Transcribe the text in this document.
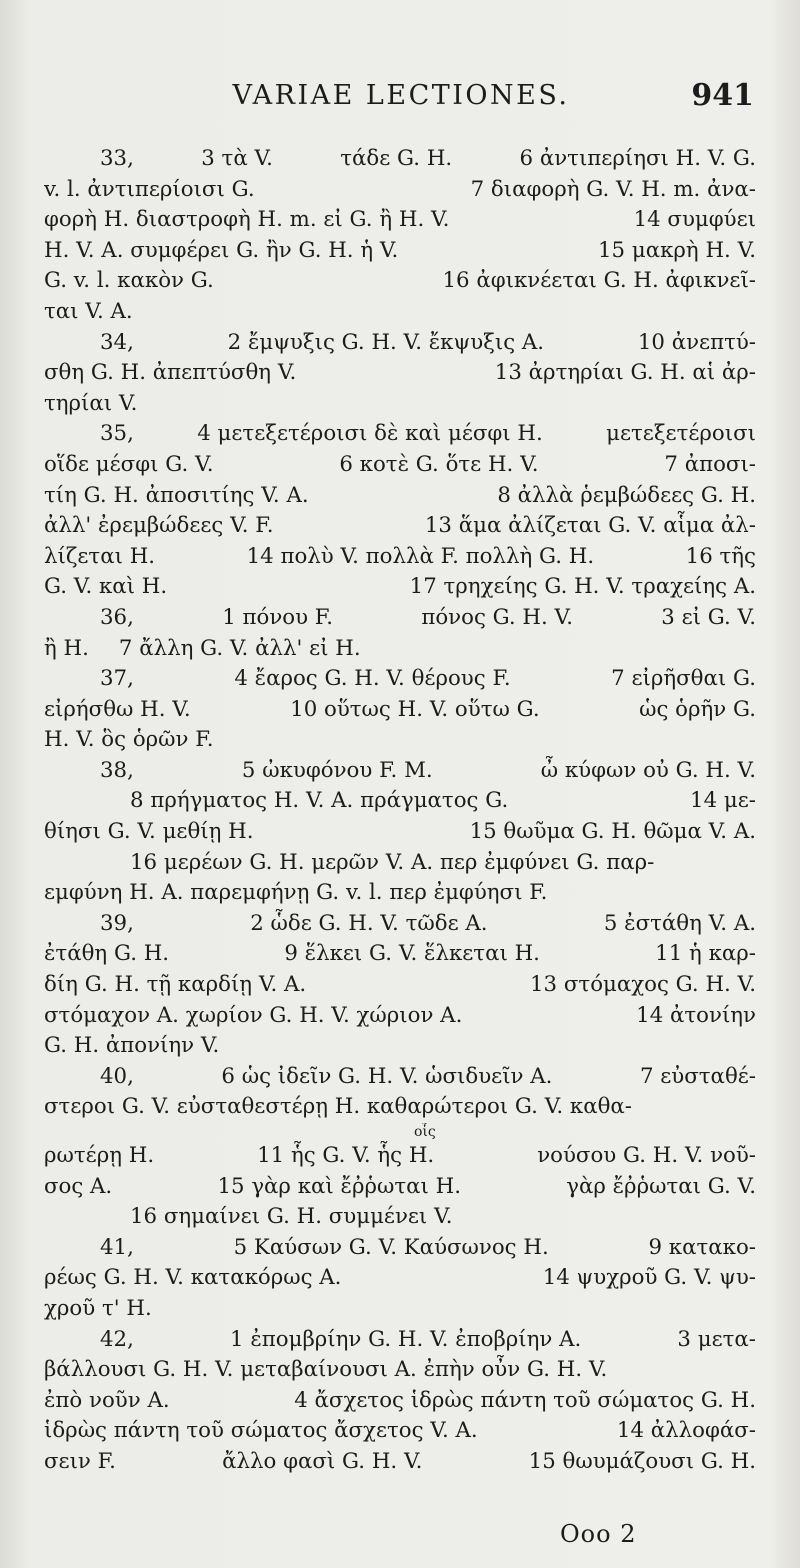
VARIAE LECTIONES.	941
33,	3 τὰ V.	τάδε G. H.	6 ἀντιπερίησι H. V. G.
v. l. ἀντιπερίοισι G.	7 διαφορὴ G. V. H. m. ἀνα-
φορὴ H. διαστροφὴ H. m. εἰ G. ἢ H. V.	14 συμφύει
H. V. A. συμφέρει G. ἢν G. H. ἡ V.	15 μακρὴ H. V.
G. v. l. κακὸν G.	16 ἀφικνέεται G. H. ἀφικνεῖ-
ται V. A.
34,	2 ἔμψυξις G. H. V. ἔκψυξις A.	10 ἀνεπτύ-
σθη G. H. ἀπεπτύσθη V.	13 ἀρτηρίαι G. H. αἱ ἀρ-
τηρίαι V.
35,	4 μετεξετέροισι δὲ καὶ μέσφι H.	μετεξετέροισι
οἵδε μέσφι G. V.	6 κοτὲ G. ὅτε H. V.	7 ἀποσι-
τίη G. H. ἀποσιτίης V. A.	8 ἀλλὰ ῥεμβώδεες G. H.
ἀλλ' ἐρεμβώδεες V. F.	13 ἅμα ἀλίζεται G. V. αἷμα ἀλ-
λίζεται H.	14 πολὺ V. πολλὰ F. πολλὴ G. H.	16 τῆς
G. V. καὶ H.	17 τρηχείης G. H. V. τραχείης A.
36,	1 πόνου F.	πόνος G. H. V.	3 εἰ G. V.
ἢ H. 7 ἄλλη G. V. ἀλλ' εἰ H.
37,	4 ἔαρος G. H. V. θέρους F.	7 εἰρῆσθαι G.
εἰρήσθω H. V.	10 οὕτως H. V. οὕτω G.	ὡς ὁρῆν G.
H. V. ὃς ὁρῶν F.
38,	5 ὠκυφόνου F. M.	ὦ κύφων οὐ G. H. V.
8 πρήγματος H. V. A. πράγματος G.	14 με-
θίησι G. V. μεθίῃ H.	15 θωῦμα G. H. θῶμα V. A.
16 μερέων G. H. μερῶν V. A. περ ἐμφύνει G. παρ-
εμφύνη H. A. παρεμφήνῃ G. v. l. περ ἐμφύησι F.
39,	2 ὧδε G. H. V. τῶδε A.	5 ἐστάθη V. A.
ἐτάθη G. H.	9 ἕλκει G. V. ἕλκεται H.	11 ἡ καρ-
δίη G. H. τῇ καρδίῃ V. A.	13 στόμαχος G. H. V.
στόμαχον A. χωρίον G. H. V. χώριον A.	14 ἀτονίην
G. H. ἀπονίην V.
40,	6 ὡς ἰδεῖν G. H. V. ὡσιδυεῖν A.	7 εὐσταθέ-
στεροι G. V. εὐσταθεστέρῃ H. καθαρώτεροι G. V. καθα-
οἷς
ρωτέρῃ H.	11 ἧς G. V. ἧς H.	νούσου G. H. V. νοῦ-
σος A.	15 γὰρ καὶ ἔῤῥωται H.	γὰρ ἔῤῥωται G. V.
16 σημαίνει G. H. συμμένει V.
41,	5 Καύσων G. V. Καύσωνος H.	9 κατακο-
ρέως G. H. V. κατακόρως A.	14 ψυχροῦ G. V. ψυ-
χροῦ τ' H.
42,	1 ἐπομβρίην G. H. V. ἐποβρίην A.	3 μετα-
βάλλουσι G. H. V. μεταβαίνουσι A. ἐπὴν οὖν G. H. V.
ἐπὸ νοῦν A.	4 ἄσχετος ἱδρὼς πάντη τοῦ σώματος G. H.
ἱδρὼς πάντη τοῦ σώματος ἄσχετος V. A.	14 ἀλλοφάσ-
σειν F.	ἄλλο φασὶ G. H. V.	15 θωυμάζουσι G. H.
Ooo 2
